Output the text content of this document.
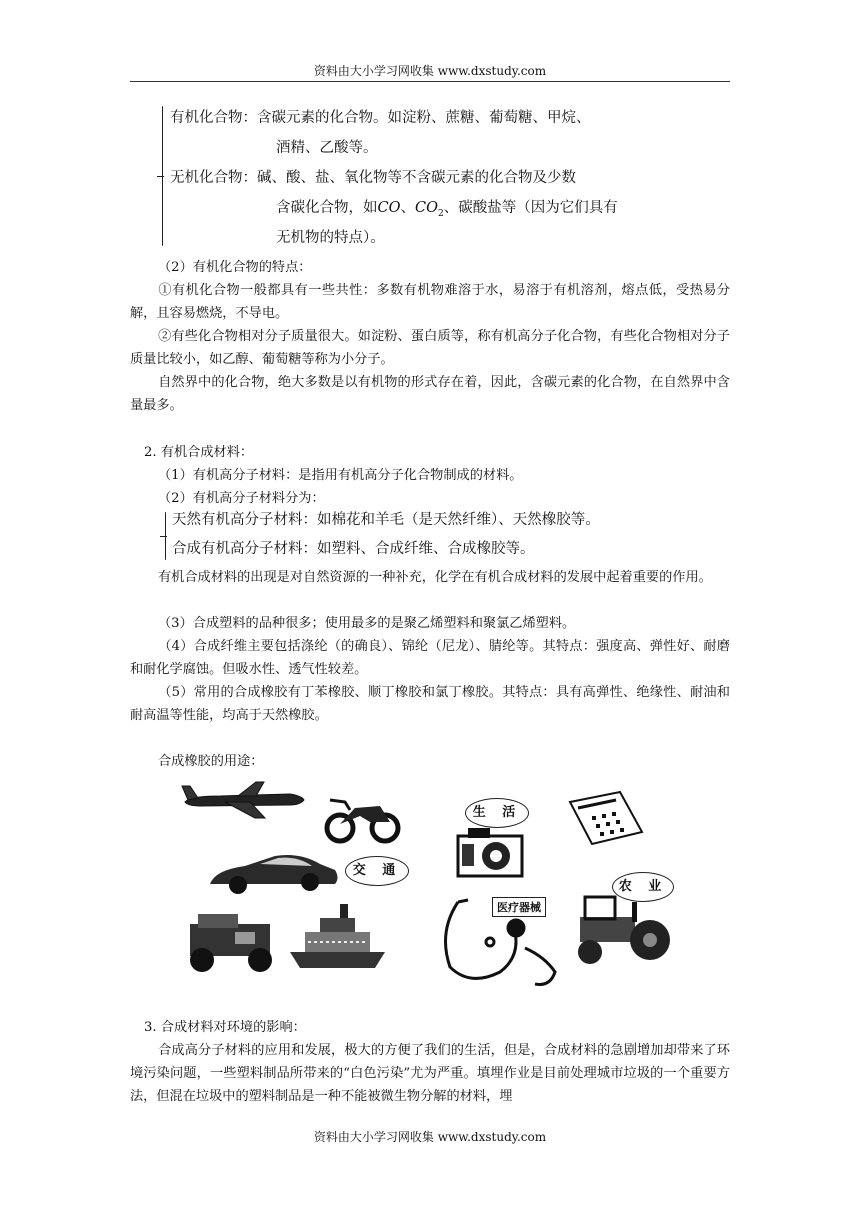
资料由大小学习网收集 www.dxstudy.com
有机化合物：含碳元素的化合物。如淀粉、蔗糖、葡萄糖、甲烷、
酒精、乙酸等。
无机化合物：碱、酸、盐、氧化物等不含碳元素的化合物及少数
含碳化合物，如CO、$CO_2$、碳酸盐等（因为它们具有
无机物的特点）。
（2）有机化合物的特点：
①有机化合物一般都具有一些共性：多数有机物难溶于水，易溶于有机溶剂，熔点低，受热易分解，且容易燃烧，不导电。
②有些化合物相对分子质量很大。如淀粉、蛋白质等，称有机高分子化合物，有些化合物相对分子质量比较小，如乙醇、葡萄糖等称为小分子。
自然界中的化合物，绝大多数是以有机物的形式存在着，因此，含碳元素的化合物，在自然界中含量最多。
2. 有机合成材料：
（1）有机高分子材料：是指用有机高分子化合物制成的材料。
（2）有机高分子材料分为：
天然有机高分子材料：如棉花和羊毛（是天然纤维）、天然橡胶等。
合成有机高分子材料：如塑料、合成纤维、合成橡胶等。
有机合成材料的出现是对自然资源的一种补充，化学在有机合成材料的发展中起着重要的作用。
（3）合成塑料的品种很多；使用最多的是聚乙烯塑料和聚氯乙烯塑料。
（4）合成纤维主要包括涤纶（的确良）、锦纶（尼龙）、腈纶等。其特点：强度高、弹性好、耐磨和耐化学腐蚀。但吸水性、透气性较差。
（5）常用的合成橡胶有丁苯橡胶、顺丁橡胶和氯丁橡胶。其特点：具有高弹性、绝缘性、耐油和耐高温等性能，均高于天然橡胶。
合成橡胶的用途：
生 活
交 通
医疗器械
农 业
3. 合成材料对环境的影响：
合成高分子材料的应用和发展，极大的方便了我们的生活，但是，合成材料的急剧增加却带来了环境污染问题，一些塑料制品所带来的“白色污染”尤为严重。填埋作业是目前处理城市垃圾的一个重要方法，但混在垃圾中的塑料制品是一种不能被微生物分解的材料，埋
资料由大小学习网收集 www.dxstudy.com
